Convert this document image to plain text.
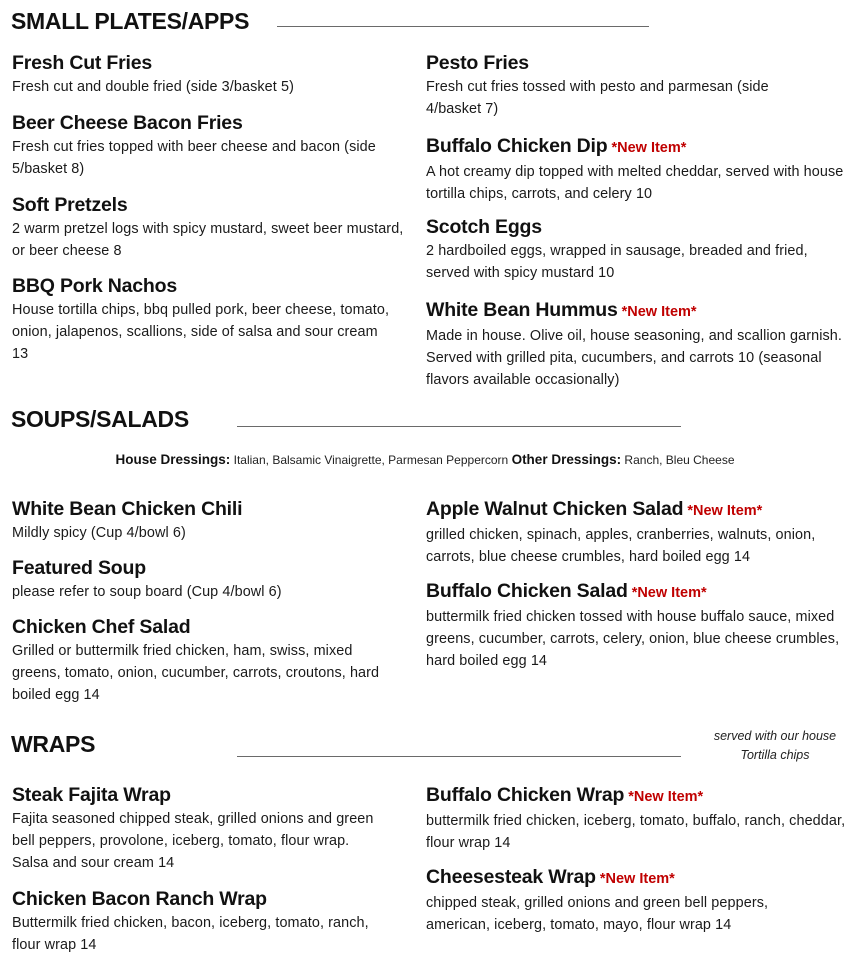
SMALL PLATES/APPS
Fresh Cut Fries
Fresh cut and double fried (side 3/basket 5)
Beer Cheese Bacon Fries
Fresh cut fries topped with beer cheese and bacon (side 5/basket 8)
Soft Pretzels
2 warm pretzel logs with spicy mustard, sweet beer mustard, or beer cheese 8
BBQ Pork Nachos
House tortilla chips, bbq pulled pork, beer cheese, tomato, onion, jalapenos, scallions, side of salsa and sour cream 13
Pesto Fries
Fresh cut fries tossed with pesto and parmesan (side 4/basket 7)
Buffalo Chicken Dip *New Item*
A hot creamy dip topped with melted cheddar, served with house tortilla chips, carrots, and celery 10
Scotch Eggs
2 hardboiled eggs, wrapped in sausage, breaded and fried, served with spicy mustard 10
White Bean Hummus *New Item*
Made in house. Olive oil, house seasoning, and scallion garnish. Served with grilled pita, cucumbers, and carrots 10 (seasonal flavors available occasionally)
SOUPS/SALADS
House Dressings: Italian, Balsamic Vinaigrette, Parmesan Peppercorn Other Dressings: Ranch, Bleu Cheese
White Bean Chicken Chili
Mildly spicy (Cup 4/bowl 6)
Featured Soup
please refer to soup board (Cup 4/bowl 6)
Chicken Chef Salad
Grilled or buttermilk fried chicken, ham, swiss, mixed greens, tomato, onion, cucumber, carrots, croutons, hard boiled egg 14
Apple Walnut Chicken Salad *New Item*
grilled chicken, spinach, apples, cranberries, walnuts, onion, carrots, blue cheese crumbles, hard boiled egg 14
Buffalo Chicken Salad *New Item*
buttermilk fried chicken tossed with house buffalo sauce, mixed greens, cucumber, carrots, celery, onion, blue cheese crumbles, hard boiled egg 14
WRAPS	served with our house
Tortilla chips
Steak Fajita Wrap
Fajita seasoned chipped steak, grilled onions and green bell peppers, provolone, iceberg, tomato, flour wrap. Salsa and sour cream 14
Chicken Bacon Ranch Wrap
Buttermilk fried chicken, bacon, iceberg, tomato, ranch, flour wrap 14
Buffalo Chicken Wrap *New Item*
buttermilk fried chicken, iceberg, tomato, buffalo, ranch, cheddar, flour wrap 14
Cheesesteak Wrap *New Item*
chipped steak, grilled onions and green bell peppers, american, iceberg, tomato, mayo, flour wrap 14
